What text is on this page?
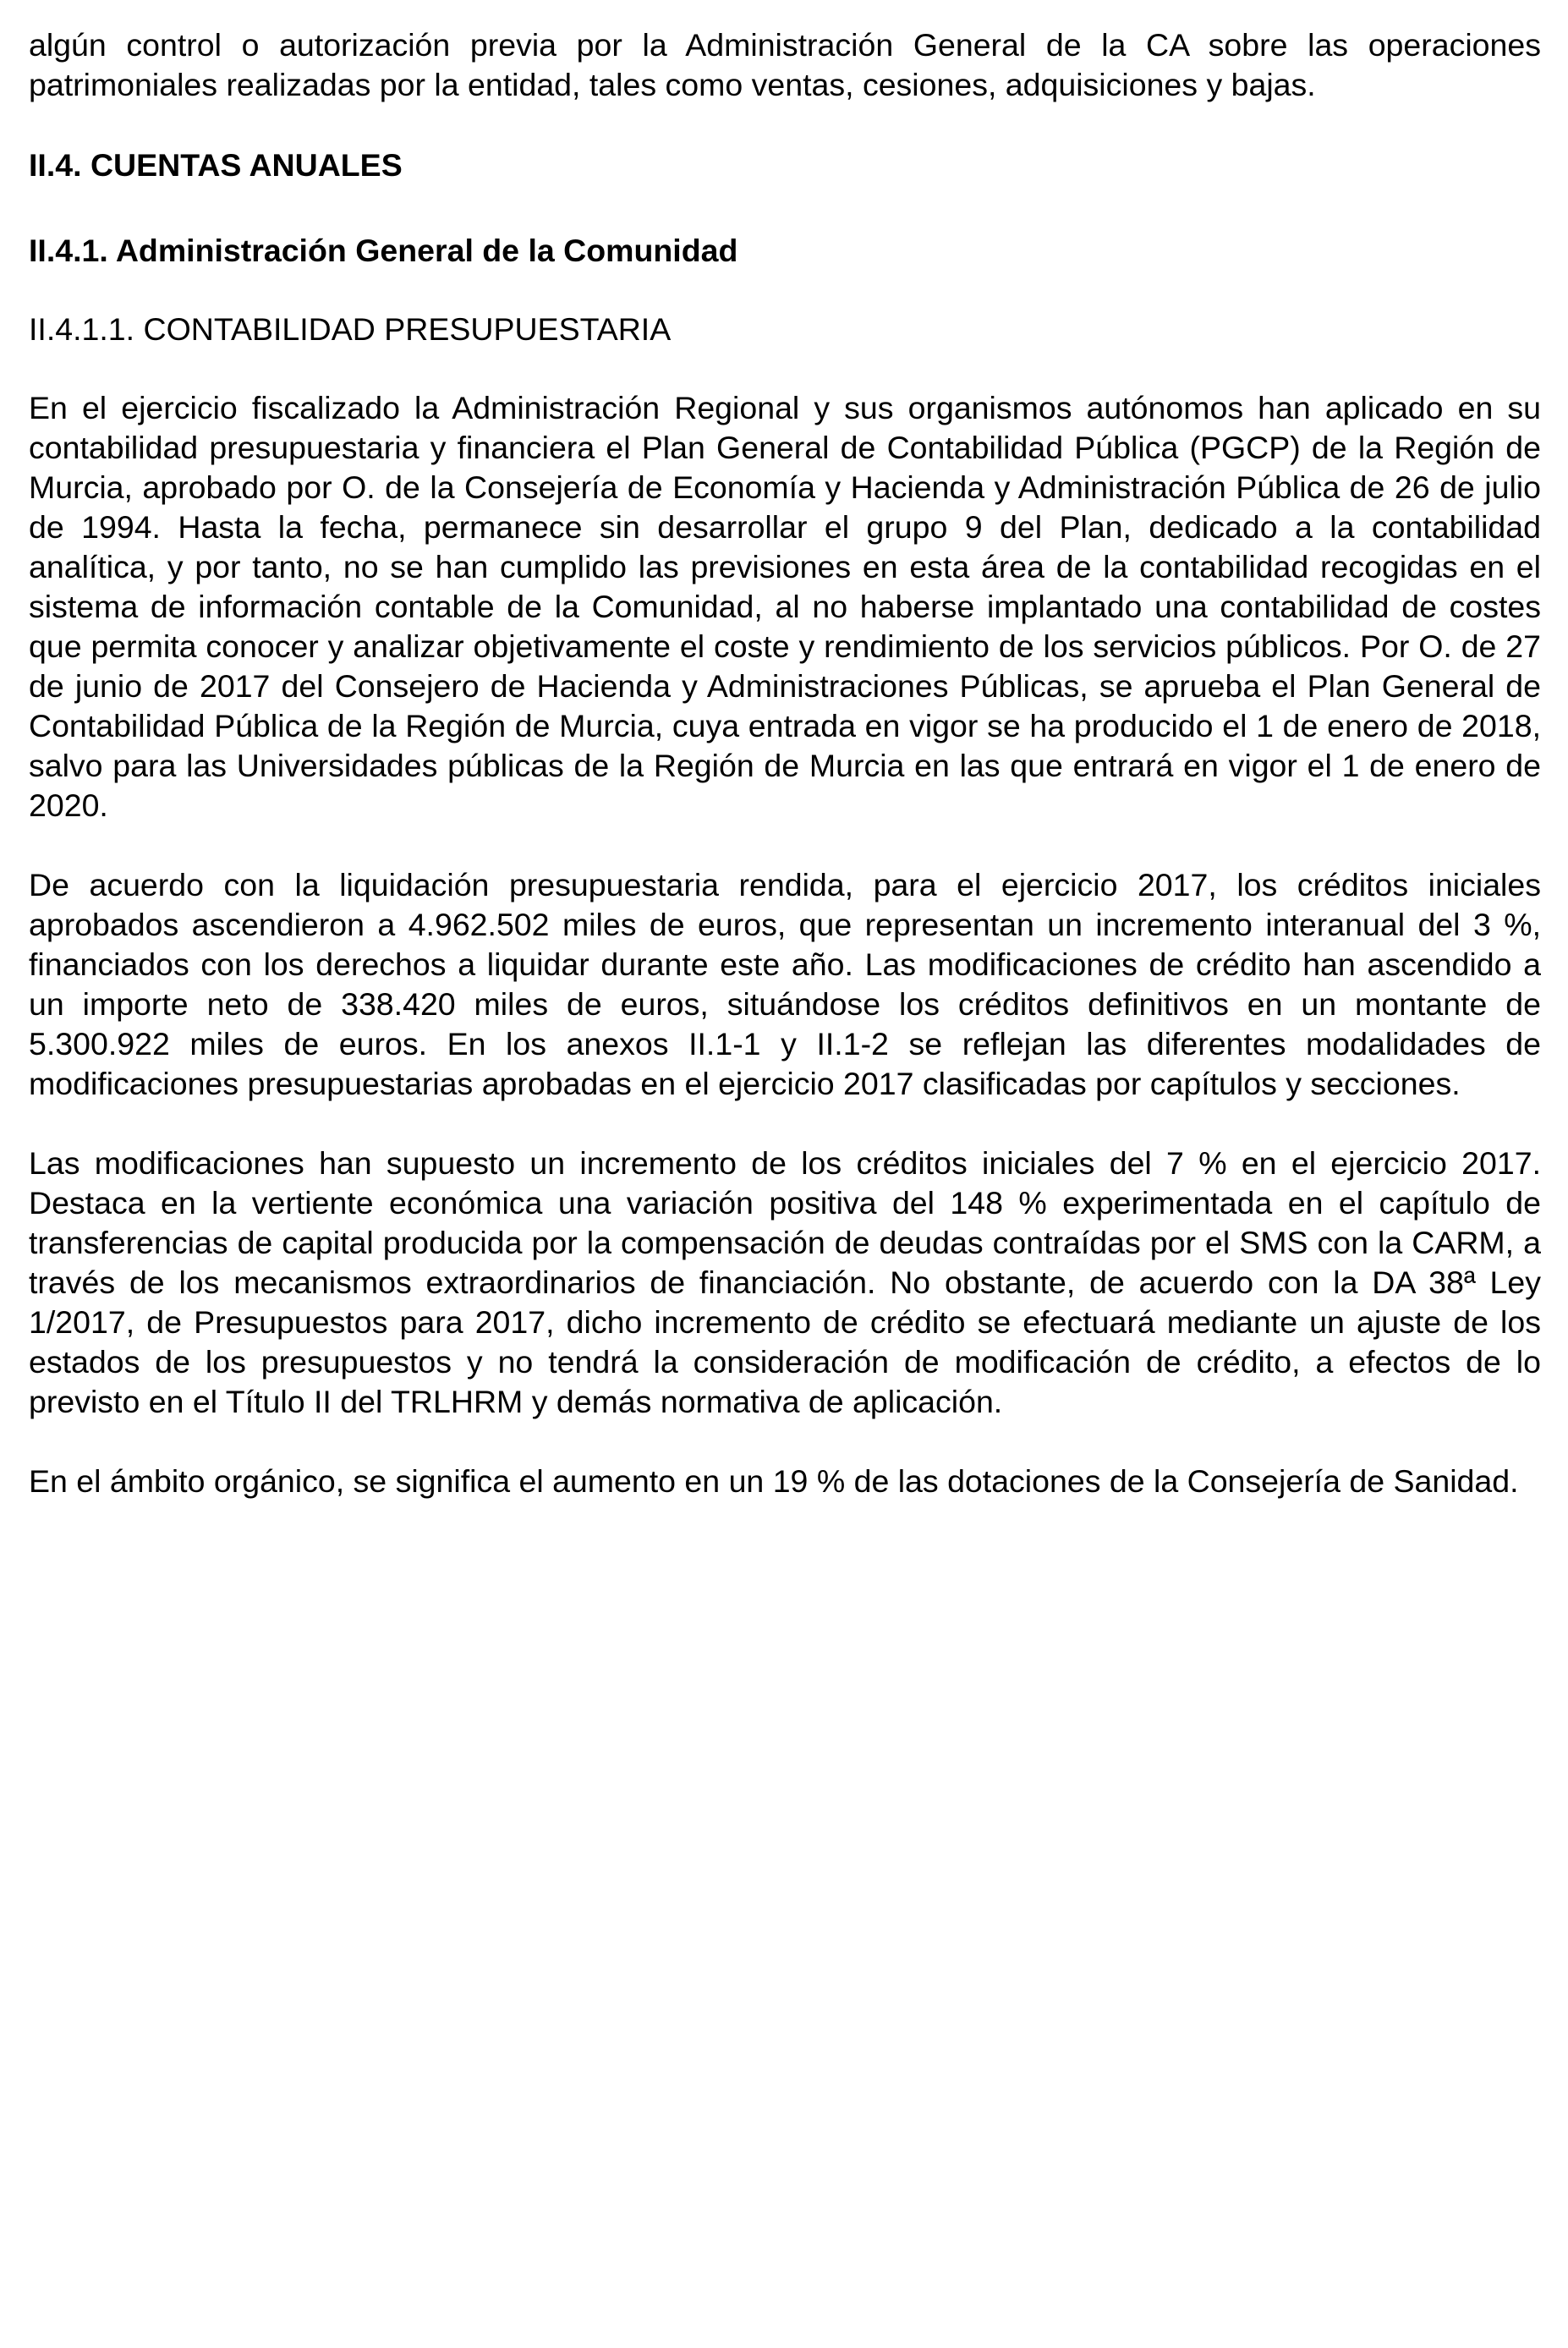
algún control o autorización previa por la Administración General de la CA sobre las operaciones patrimoniales realizadas por la entidad, tales como ventas, cesiones, adquisiciones y bajas.

II.4. CUENTAS ANUALES

II.4.1. Administración General de la Comunidad

II.4.1.1. CONTABILIDAD PRESUPUESTARIA

En el ejercicio fiscalizado la Administración Regional y sus organismos autónomos han aplicado en su contabilidad presupuestaria y financiera el Plan General de Contabilidad Pública (PGCP) de la Región de Murcia, aprobado por O. de la Consejería de Economía y Hacienda y Administración Pública de 26 de julio de 1994. Hasta la fecha, permanece sin desarrollar el grupo 9 del Plan, dedicado a la contabilidad analítica, y por tanto, no se han cumplido las previsiones en esta área de la contabilidad recogidas en el sistema de información contable de la Comunidad, al no haberse implantado una contabilidad de costes que permita conocer y analizar objetivamente el coste y rendimiento de los servicios públicos. Por O. de 27 de junio de 2017 del Consejero de Hacienda y Administraciones Públicas, se aprueba el Plan General de Contabilidad Pública de la Región de Murcia, cuya entrada en vigor se ha producido el 1 de enero de 2018, salvo para las Universidades públicas de la Región de Murcia en las que entrará en vigor el 1 de enero de 2020.

De acuerdo con la liquidación presupuestaria rendida, para el ejercicio 2017, los créditos iniciales aprobados ascendieron a 4.962.502 miles de euros, que representan un incremento interanual del 3 %, financiados con los derechos a liquidar durante este año. Las modificaciones de crédito han ascendido a un importe neto de 338.420 miles de euros, situándose los créditos definitivos en un montante de 5.300.922 miles de euros. En los anexos II.1-1 y II.1-2 se reflejan las diferentes modalidades de modificaciones presupuestarias aprobadas en el ejercicio 2017 clasificadas por capítulos y secciones.

Las modificaciones han supuesto un incremento de los créditos iniciales del 7 % en el ejercicio 2017. Destaca en la vertiente económica una variación positiva del 148 % experimentada en el capítulo de transferencias de capital producida por la compensación de deudas contraídas por el SMS con la CARM, a través de los mecanismos extraordinarios de financiación. No obstante, de acuerdo con la DA 38ª Ley 1/2017, de Presupuestos para 2017, dicho incremento de crédito se efectuará mediante un ajuste de los estados de los presupuestos y no tendrá la consideración de modificación de crédito, a efectos de lo previsto en el Título II del TRLHRM y demás normativa de aplicación.

En el ámbito orgánico, se significa el aumento en un 19 % de las dotaciones de la Consejería de Sanidad.
